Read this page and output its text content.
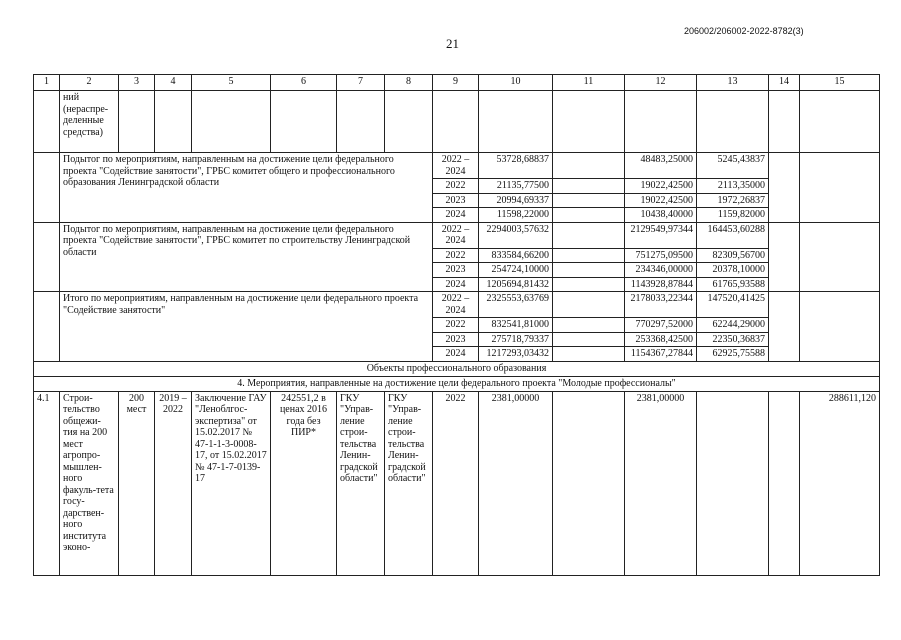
206002/206002-2022-8782(3)
21
1	2	3	4	5	6	7	8	9	10	11	12	13	14	15
	ний (нераспре-деленные средства)													
	Подытог по мероприятиям, направленным на достижение цели федерального проекта "Содействие занятости", ГРБС комитет общего и профессионального образования Ленинградской области							2022 – 2024	53728,68837		48483,25000	5245,43837		
								2022	21135,77500		19022,42500	2113,35000		
								2023	20994,69337		19022,42500	1972,26837		
								2024	11598,22000		10438,40000	1159,82000		
	Подытог по мероприятиям, направленным на достижение цели федерального проекта "Содействие занятости", ГРБС комитет по строительству Ленинградской области							2022 – 2024	2294003,57632		2129549,97344	164453,60288		
								2022	833584,66200		751275,09500	82309,56700		
								2023	254724,10000		234346,00000	20378,10000		
								2024	1205694,81432		1143928,87844	61765,93588		
	Итого по мероприятиям, направленным на достижение цели федерального проекта "Содействие занятости"							2022 – 2024	2325553,63769		2178033,22344	147520,41425		
								2022	832541,81000		770297,52000	62244,29000		
								2023	275718,79337		253368,42500	22350,36837		
								2024	1217293,03432		1154367,27844	62925,75588		
Объекты профессионального образования														
4. Мероприятия, направленные на достижение цели федерального проекта "Молодые профессионалы"														
4.1	Строи-тельство общежи-тия на 200 мест агропро-мышлен-ного факуль-тета госу-дарствен-ного института эконо-	200 мест	2019 – 2022	Заключение ГАУ "Леноблгос-экспертиза" от 15.02.2017 № 47-1-1-3-0008-17, от 15.02.2017 № 47-1-7-0139-17	242551,2 в ценах 2016 года без ПИР*	ГКУ "Управ-ление строи-тельства Ленин-градской области"	ГКУ "Управ-ление строи-тельства Ленин-градской области"	2022	2381,00000		2381,00000			288611,120
